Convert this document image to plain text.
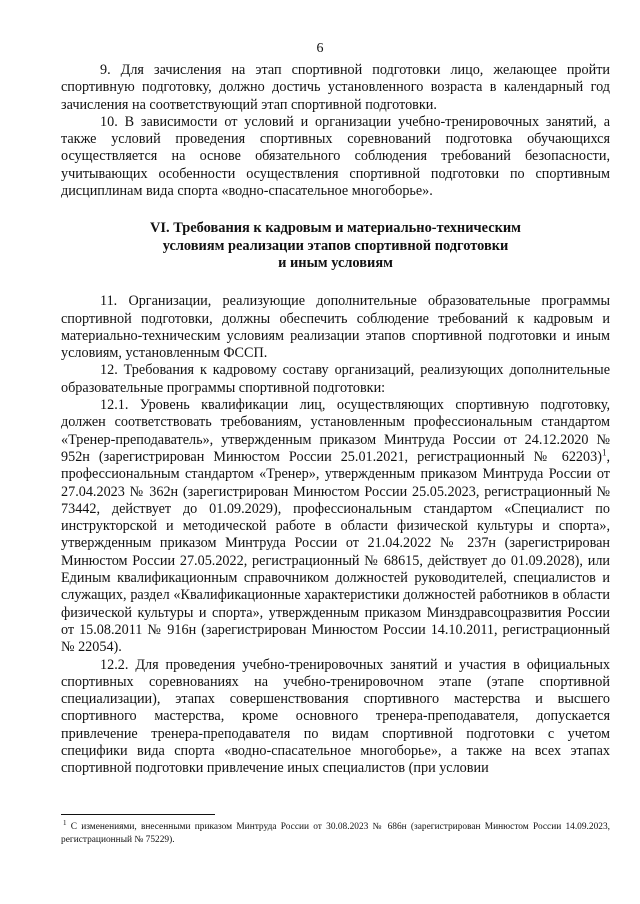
6

9. Для зачисления на этап спортивной подготовки лицо, желающее пройти спортивную подготовку, должно достичь установленного возраста в календарный год зачисления на соответствующий этап спортивной подготовки.

10. В зависимости от условий и организации учебно-тренировочных занятий, а также условий проведения спортивных соревнований подготовка обучающихся осуществляется на основе обязательного соблюдения требований безопасности, учитывающих особенности осуществления спортивной подготовки по спортивным дисциплинам вида спорта «водно-спасательное многоборье».

VI. Требования к кадровым и материально-техническим
условиям реализации этапов спортивной подготовки
и иным условиям

11. Организации, реализующие дополнительные образовательные программы спортивной подготовки, должны обеспечить соблюдение требований к кадровым и материально-техническим условиям реализации этапов спортивной подготовки и иным условиям, установленным ФССП.

12. Требования к кадровому составу организаций, реализующих дополнительные образовательные программы спортивной подготовки:

12.1. Уровень квалификации лиц, осуществляющих спортивную подготовку, должен соответствовать требованиям, установленным профессиональным стандартом «Тренер-преподаватель», утвержденным приказом Минтруда России от 24.12.2020 № 952н (зарегистрирован Минюстом России 25.01.2021, регистрационный № 62203)$^1$, профессиональным стандартом «Тренер», утвержденным приказом Минтруда России от 27.04.2023 № 362н (зарегистрирован Минюстом России 25.05.2023, регистрационный № 73442, действует до 01.09.2029), профессиональным стандартом «Специалист по инструкторской и методической работе в области физической культуры и спорта», утвержденным приказом Минтруда России от 21.04.2022 № 237н (зарегистрирован Минюстом России 27.05.2022, регистрационный № 68615, действует до 01.09.2028), или Единым квалификационным справочником должностей руководителей, специалистов и служащих, раздел «Квалификационные характеристики должностей работников в области физической культуры и спорта», утвержденным приказом Минздравсоцразвития России от 15.08.2011 № 916н (зарегистрирован Минюстом России 14.10.2011, регистрационный № 22054).

12.2. Для проведения учебно-тренировочных занятий и участия в официальных спортивных соревнованиях на учебно-тренировочном этапе (этапе спортивной специализации), этапах совершенствования спортивного мастерства и высшего спортивного мастерства, кроме основного тренера-преподавателя, допускается привлечение тренера-преподавателя по видам спортивной подготовки с учетом специфики вида спорта «водно-спасательное многоборье», а также на всех этапах спортивной подготовки привлечение иных специалистов (при условии

$^1$ С изменениями, внесенными приказом Минтруда России от 30.08.2023 № 686н (зарегистрирован Минюстом России 14.09.2023, регистрационный № 75229).
